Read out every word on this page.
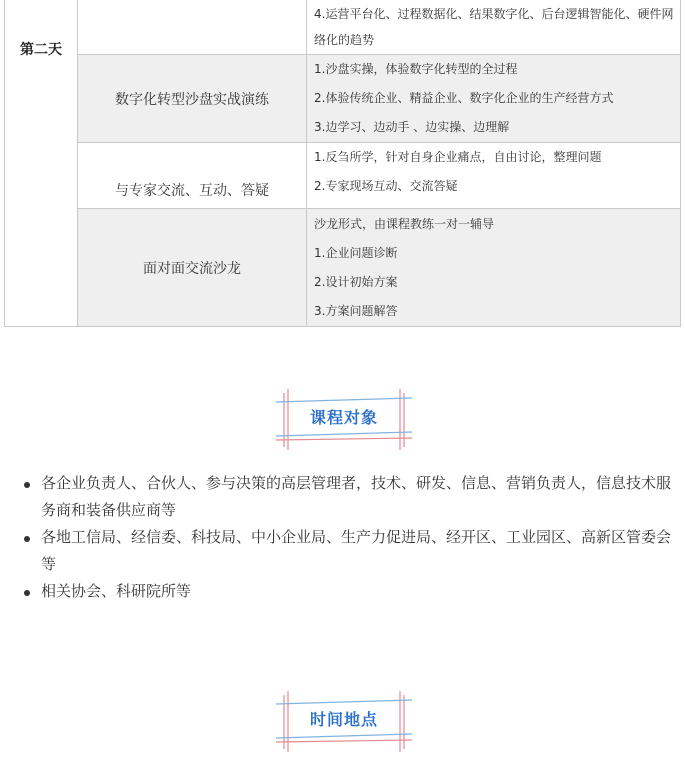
第二天		4.运营平台化、过程数据化、结果数字化、后台逻辑智能化、硬件网络化的趋势

	数字化转型沙盘实战演练	1.沙盘实操，体验数字化转型的全过程
2.体验传统企业、精益企业、数字化企业的生产经营方式
3.边学习、边动手 、边实操、边理解

	与专家交流、互动、答疑	1.反刍所学，针对自身企业痛点，自由讨论，整理问题
2.专家现场互动、交流答疑

	面对面交流沙龙	沙龙形式，由课程教练一对一辅导
1.企业问题诊断
2.设计初始方案
3.方案问题解答
课程对象
各企业负责人、合伙人、参与决策的高层管理者，技术、研发、信息、营销负责人，信息技术服务商和装备供应商等
各地工信局、经信委、科技局、中小企业局、生产力促进局、经开区、工业园区、高新区管委会等
相关协会、科研院所等
时间地点
